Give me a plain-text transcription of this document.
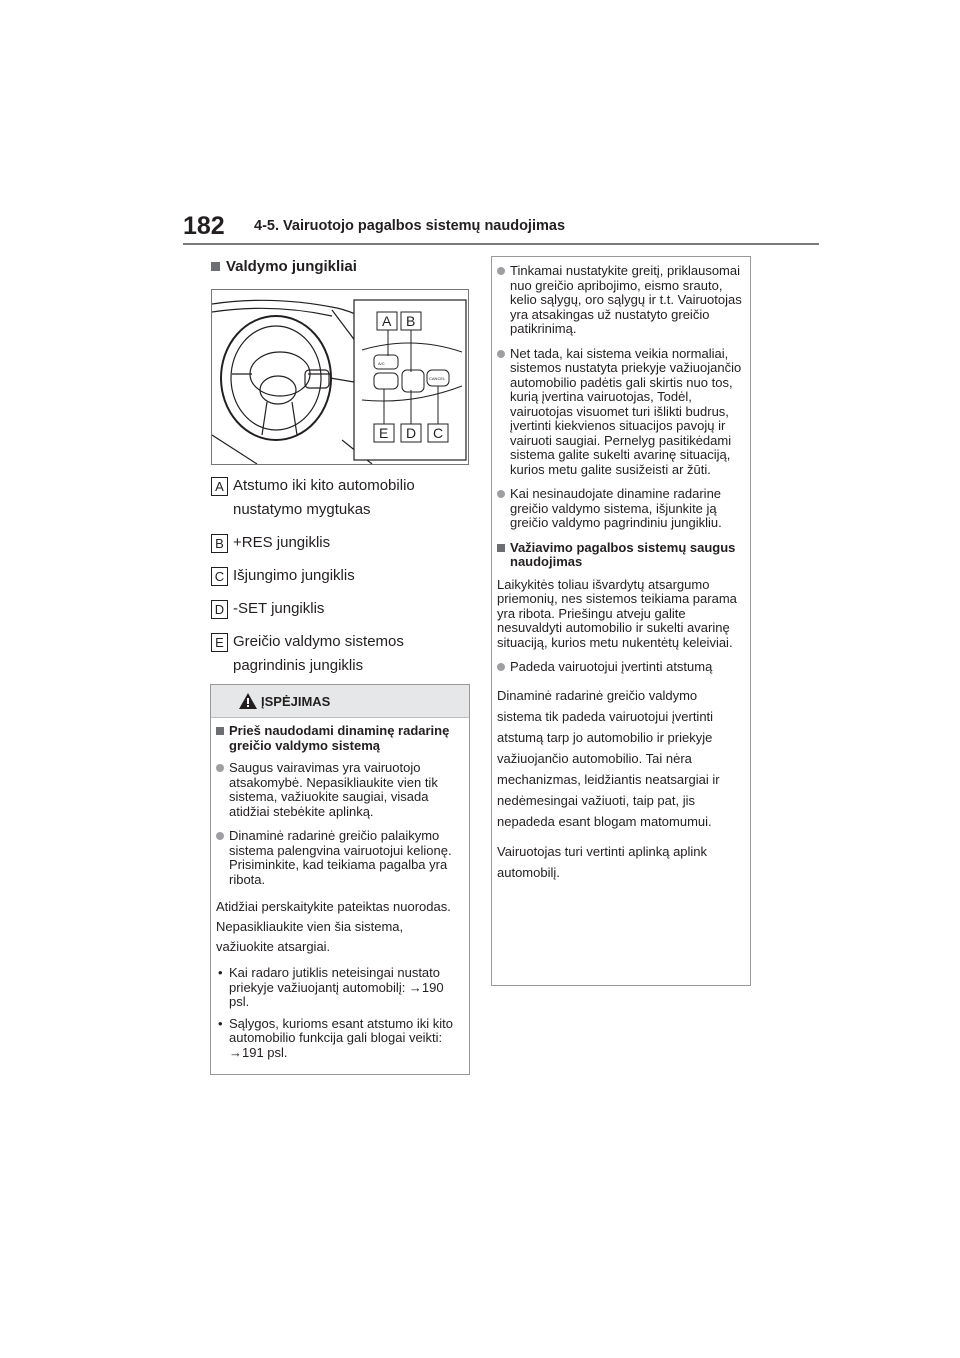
182 4-5. Vairuotojo pagalbos sistemų naudojimas
Valdymo jungikliai
A/C
CANCEL
A B
E D C
A Atstumo iki kito automobilio nustatymo mygtukas
B +RES jungiklis
C Išjungimo jungiklis
D -SET jungiklis
E Greičio valdymo sistemos pagrindinis jungiklis
ĮSPĖJIMAS
Prieš naudodami dinaminę radarinę greičio valdymo sistemą
Saugus vairavimas yra vairuotojo atsakomybė. Nepasikliaukite vien tik sistema, važiuokite saugiai, visada atidžiai stebėkite aplinką.
Dinaminė radarinė greičio palaikymo sistema palengvina vairuotojui kelionę. Prisiminkite, kad teikiama pagalba yra ribota.
Atidžiai perskaitykite pateiktas nuorodas. Nepasikliaukite vien šia sistema, važiuokite atsargiai.
• Kai radaro jutiklis neteisingai nustato priekyje važiuojantį automobilį: →190 psl.
• Sąlygos, kurioms esant atstumo iki kito automobilio funkcija gali blogai veikti: →191 psl.
Tinkamai nustatykite greitį, priklausomai nuo greičio apribojimo, eismo srauto, kelio sąlygų, oro sąlygų ir t.t. Vairuotojas yra atsakingas už nustatyto greičio patikrinimą.
Net tada, kai sistema veikia normaliai, sistemos nustatyta priekyje važiuojančio automobilio padėtis gali skirtis nuo tos, kurią įvertina vairuotojas, Todėl, vairuotojas visuomet turi išlikti budrus, įvertinti kiekvienos situacijos pavojų ir vairuoti saugiai. Pernelyg pasitikėdami sistema galite sukelti avarinę situaciją, kurios metu galite susižeisti ar žūti.
Kai nesinaudojate dinamine radarine greičio valdymo sistema, išjunkite ją greičio valdymo pagrindiniu jungikliu.
Važiavimo pagalbos sistemų saugus naudojimas
Laikykitės toliau išvardytų atsargumo priemonių, nes sistemos teikiama parama yra ribota. Priešingu atveju galite nesuvaldyti automobilio ir sukelti avarinę situaciją, kurios metu nukentėtų keleiviai.
Padeda vairuotojui įvertinti atstumą
Dinaminė radarinė greičio valdymo sistema tik padeda vairuotojui įvertinti atstumą tarp jo automobilio ir priekyje važiuojančio automobilio. Tai nėra mechanizmas, leidžiantis neatsargiai ir nedėmesingai važiuoti, taip pat, jis nepadeda esant blogam matomumui.
Vairuotojas turi vertinti aplinką aplink automobilį.
